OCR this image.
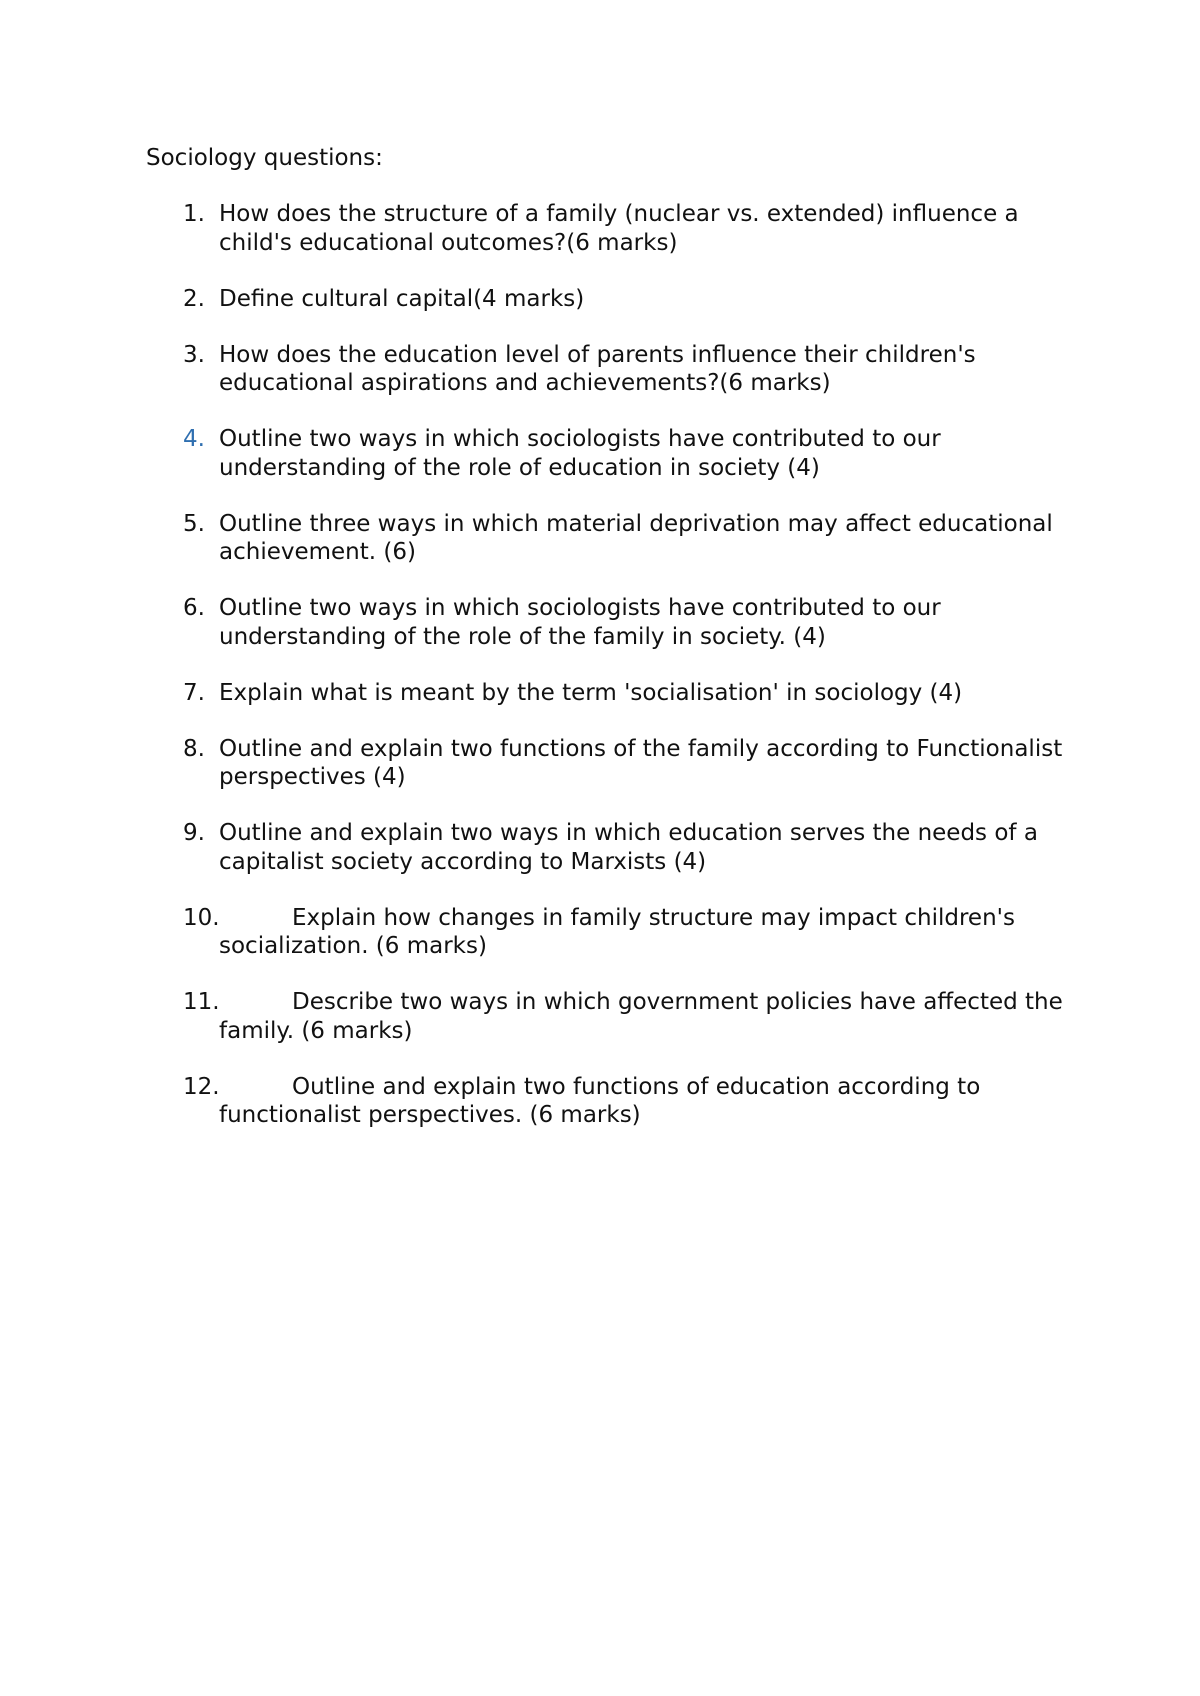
Sociology questions:
1. How does the structure of a family (nuclear vs. extended) influence a child's educational outcomes?(6 marks)
2. Define cultural capital(4 marks)
3. How does the education level of parents influence their children's educational aspirations and achievements?(6 marks)
4. Outline two ways in which sociologists have contributed to our understanding of the role of education in society (4)
5. Outline three ways in which material deprivation may affect educational achievement. (6)
6. Outline two ways in which sociologists have contributed to our understanding of the role of the family in society. (4)
7. Explain what is meant by the term 'socialisation' in sociology (4)
8. Outline and explain two functions of the family according to Functionalist perspectives (4)
9. Outline and explain two ways in which education serves the needs of a capitalist society according to Marxists (4)
10.	Explain how changes in family structure may impact children's socialization. (6 marks)
11.	Describe two ways in which government policies have affected the family. (6 marks)
12.	Outline and explain two functions of education according to functionalist perspectives. (6 marks)
